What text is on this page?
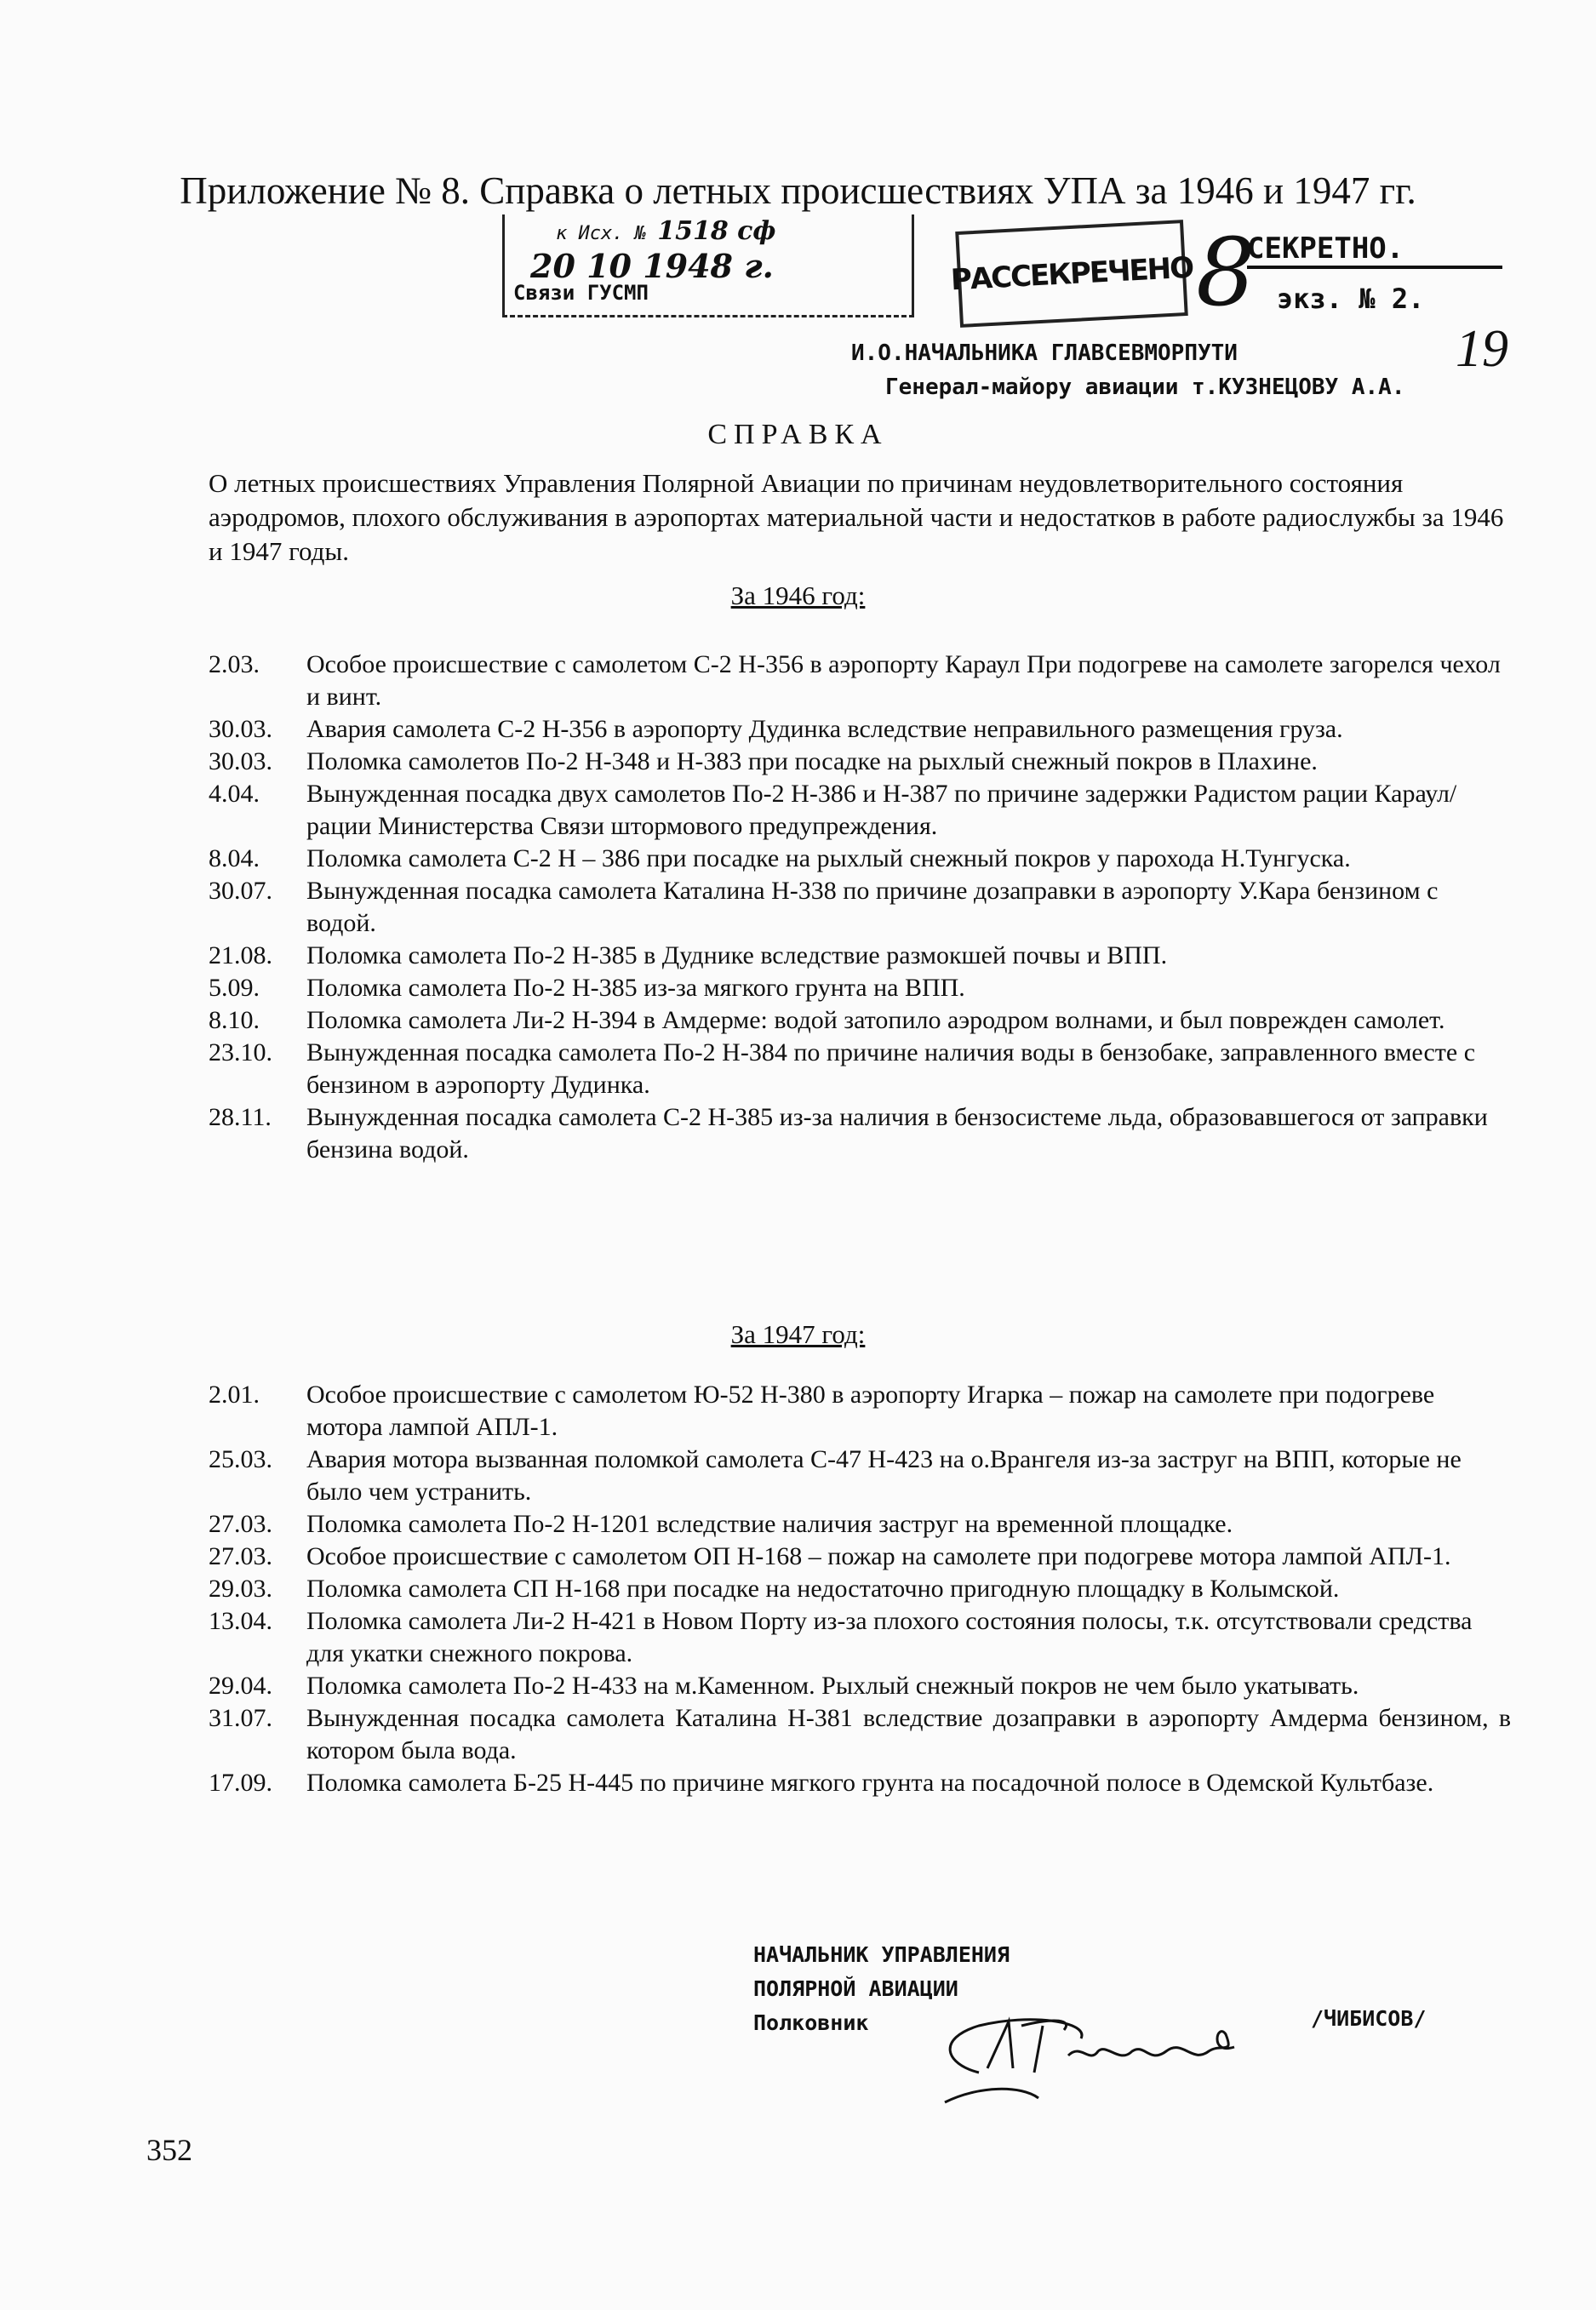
Приложение № 8. Справка о летных происшествиях УПА за 1946 и 1947 гг.
к Исх. № 1518 сф
20 10 1948 г.
Связи ГУСМП	РАССЕКРЕЧЕНО 8
СЕКРЕТНО.
экз. № 2.
19
И.О.НАЧАЛЬНИКА ГЛАВСЕВМОРПУТИ
Генерал-майору авиации т.КУЗНЕЦОВУ А.А.
СПРАВКА
О летных происшествиях Управления Полярной Авиации по причинам неудовлетворительного состояния аэродромов, плохого обслуживания в аэропортах материальной части и недостатков в работе радиослужбы за 1946 и 1947 годы.
За 1946 год:
2.03.	Особое происшествие с самолетом С-2 Н-356 в аэропорту Караул При подогреве на самолете загорелся чехол и винт.
30.03.	Авария самолета С-2 Н-356 в аэропорту Дудинка вследствие неправильного размещения груза.
30.03.	Поломка самолетов По-2 Н-348 и Н-383 при посадке на рыхлый снежный покров в Плахине.
4.04.	Вынужденная посадка двух самолетов По-2 Н-386 и Н-387 по причине задержки Радистом рации Караул/рации Министерства Связи штормового предупреждения.
8.04.	Поломка самолета С-2 Н – 386 при посадке на рыхлый снежный покров у парохода Н.Тунгуска.
30.07.	Вынужденная посадка самолета Каталина Н-338 по причине дозаправки в аэропорту У.Кара бензином с водой.
21.08.	Поломка самолета По-2 Н-385 в Дуднике вследствие размокшей почвы и ВПП.
5.09.	Поломка самолета По-2 Н-385 из-за мягкого грунта на ВПП.
8.10.	Поломка самолета Ли-2 Н-394 в Амдерме: водой затопило аэродром волнами, и был поврежден самолет.
23.10.	Вынужденная посадка самолета По-2 Н-384 по причине наличия воды в бензобаке, заправленного вместе с бензином в аэропорту Дудинка.
28.11.	Вынужденная посадка самолета С-2 Н-385 из-за наличия в бензосистеме льда, образовавшегося от заправки бензина водой.
За 1947 год:
2.01.	Особое происшествие с самолетом Ю-52 Н-380 в аэропорту Игарка – пожар на самолете при подогреве мотора лампой АПЛ-1.
25.03.	Авария мотора вызванная поломкой самолета С-47 Н-423 на о.Врангеля из-за заструг на ВПП, которые не было чем устранить.
27.03.	Поломка самолета По-2 Н-1201 вследствие наличия заструг на временной площадке.
27.03.	Особое происшествие с самолетом ОП Н-168 – пожар на самолете при подогреве мотора лампой АПЛ-1.
29.03.	Поломка самолета СП Н-168 при посадке на недостаточно пригодную площадку в Колымской.
13.04.	Поломка самолета Ли-2 Н-421 в Новом Порту из-за плохого состояния полосы, т.к. отсутствовали средства для укатки снежного покрова.
29.04.	Поломка самолета По-2 Н-433 на м.Каменном. Рыхлый снежный покров не чем было укатывать.
31.07.	Вынужденная посадка самолета Каталина Н-381 вследствие дозаправки в аэропорту Амдерма бензином, в котором была вода.
17.09.	Поломка самолета Б-25 Н-445 по причине мягкого грунта на посадочной полосе в Одемской Культбазе.
НАЧАЛЬНИК УПРАВЛЕНИЯ
ПОЛЯРНОЙ АВИАЦИИ
Полковник	/ЧИБИСОВ/
352
